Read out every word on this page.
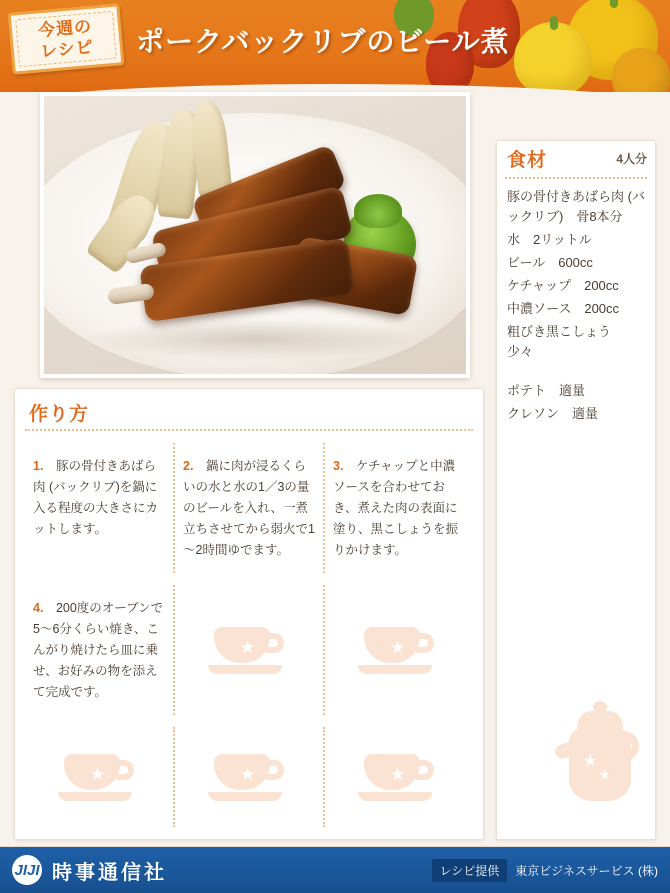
今週の
レシピ ポークバックリブのビール煮
食材	4人分
豚の骨付きあばら肉 (バックリブ)　骨8本分
水　2リットル
ビール　600cc
ケチャップ　200cc
中濃ソース　200cc
粗びき黒こしょう　少々
ポテト　適量
クレソン　適量
★
★
作り方

1.　 豚の骨付きあばら肉 (バックリブ)を鍋に入る程度の大きさにカットします。

2.　 鍋に肉が浸るくらいの水と水の1／3の量のビールを入れ、一煮立ちさせてから弱火で1～2時間ゆでます。

3.　 ケチャップと中濃ソースを合わせておき、煮えた肉の表面に塗り、黒こしょうを振りかけます。

4.　 200度のオーブンで5～6分くらい焼き、こんがり焼けたら皿に乗せ、お好みの物を添えて完成です。

★	★
★	★	★
JIJI 時事通信社	レシピ提供	東京ビジネスサービス (株)
